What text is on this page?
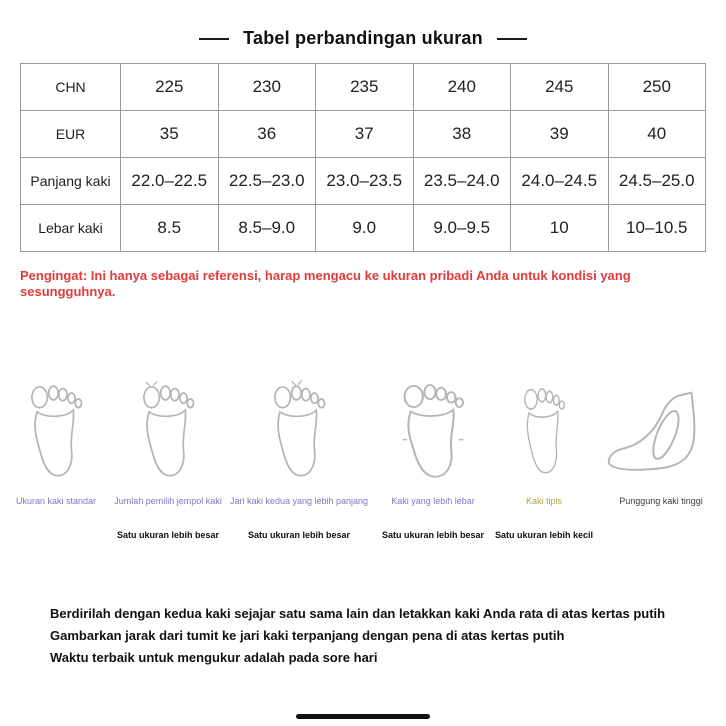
Tabel perbandingan ukuran
CHN	225	230	235	240	245	250
EUR	35	36	37	38	39	40
Panjang kaki	22.0–22.5	22.5–23.0	23.0–23.5	23.5–24.0	24.0–24.5	24.5–25.0
Lebar kaki	8.5	8.5–9.0	9.0	9.0–9.5	10	10–10.5
Pengingat: Ini hanya sebagai referensi, harap mengacu ke ukuran pribadi Anda untuk kondisi yang sesungguhnya.
Ukuran kaki standar Jumlah pemilih jempol kaki
Satu ukuran lebih besar
Jari kaki kedua yang lebih panjang
Satu ukuran lebih besar
Kaki yang lebih lebar
Satu ukuran lebih besar
Kaki tipis
Satu ukuran lebih kecil
Punggung kaki tinggi
Berdirilah dengan kedua kaki sejajar satu sama lain dan letakkan kaki Anda rata di atas kertas putih
Gambarkan jarak dari tumit ke jari kaki terpanjang dengan pena di atas kertas putih
Waktu terbaik untuk mengukur adalah pada sore hari
